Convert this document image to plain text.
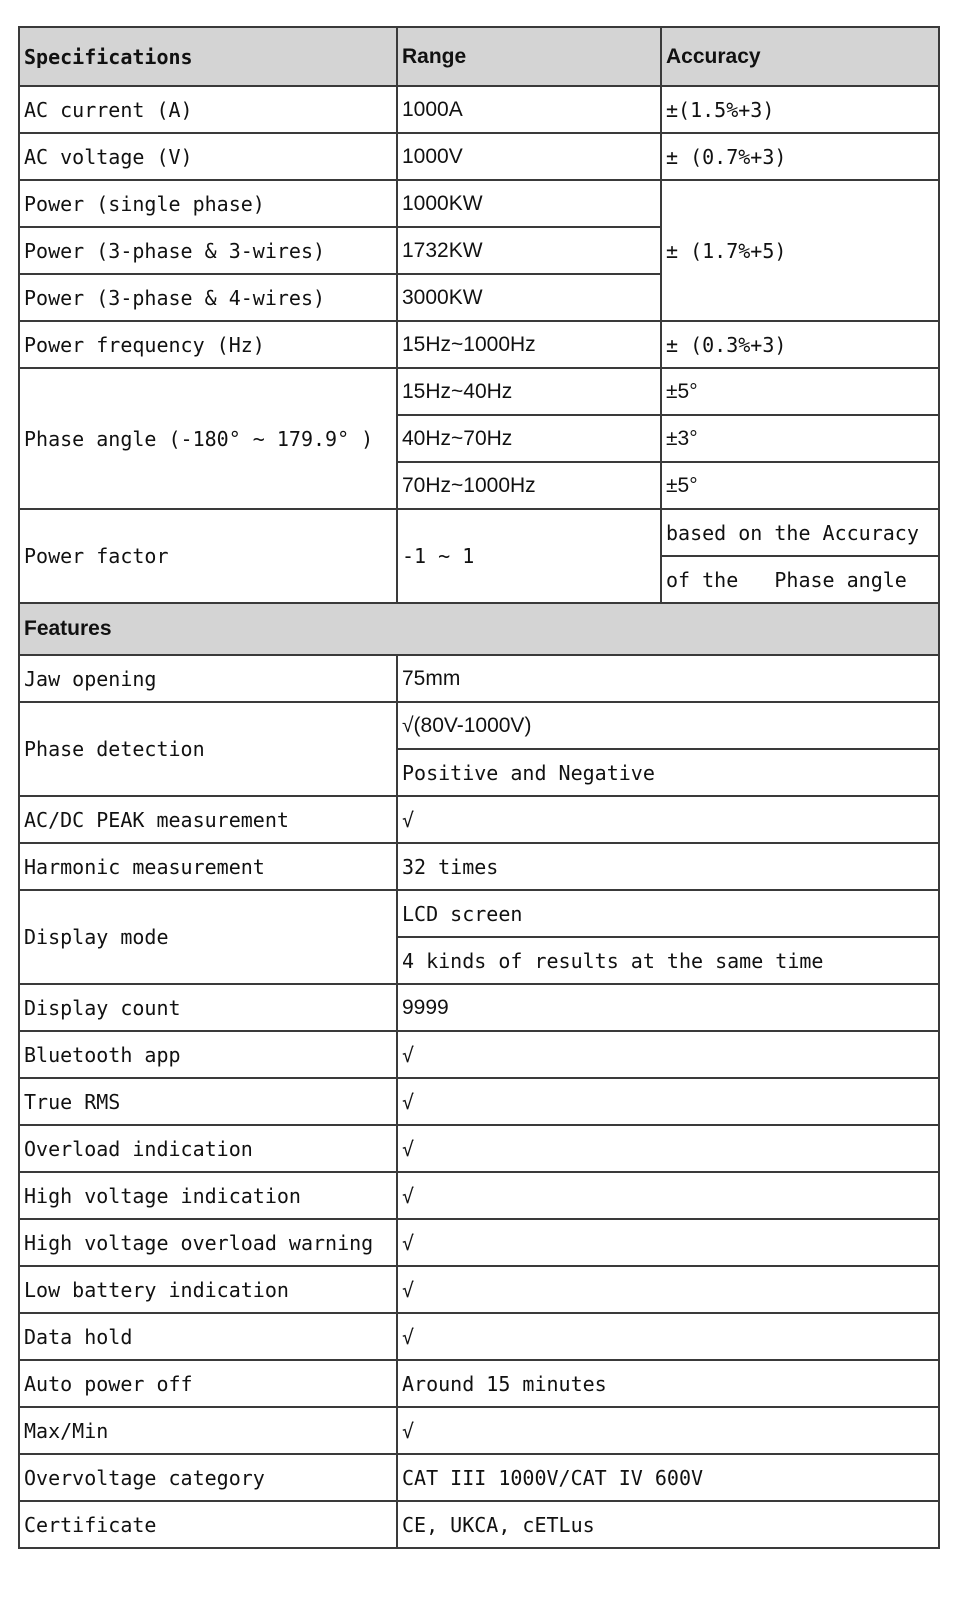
Specifications	Range	Accuracy
AC current (A)	1000A	±(1.5%+3)
AC voltage (V)	1000V	± (0.7%+3)
Power (single phase)	1000KW	± (1.7%+5)
Power (3-phase & 3-wires)	1732KW	
Power (3-phase & 4-wires)	3000KW	
Power frequency (Hz)	15Hz~1000Hz	± (0.3%+3)
Phase angle (-180° ~ 179.9° )	15Hz~40Hz	±5°
	40Hz~70Hz	±3°
	70Hz~1000Hz	±5°
Power factor	-1 ~ 1	based on the Accuracy
		of the   Phase angle
Features		
Jaw opening	75mm	
Phase detection	√(80V-1000V)	
	Positive and Negative	
AC/DC PEAK measurement	√	
Harmonic measurement	32 times	
Display mode	LCD screen	
	4 kinds of results at the same time	
Display count	9999	
Bluetooth app	√	
True RMS	√	
Overload indication	√	
High voltage indication	√	
High voltage overload warning	√	
Low battery indication	√	
Data hold	√	
Auto power off	Around 15 minutes	
Max/Min	√	
Overvoltage category	CAT III 1000V/CAT IV 600V	
Certificate	CE, UKCA, cETLus	
